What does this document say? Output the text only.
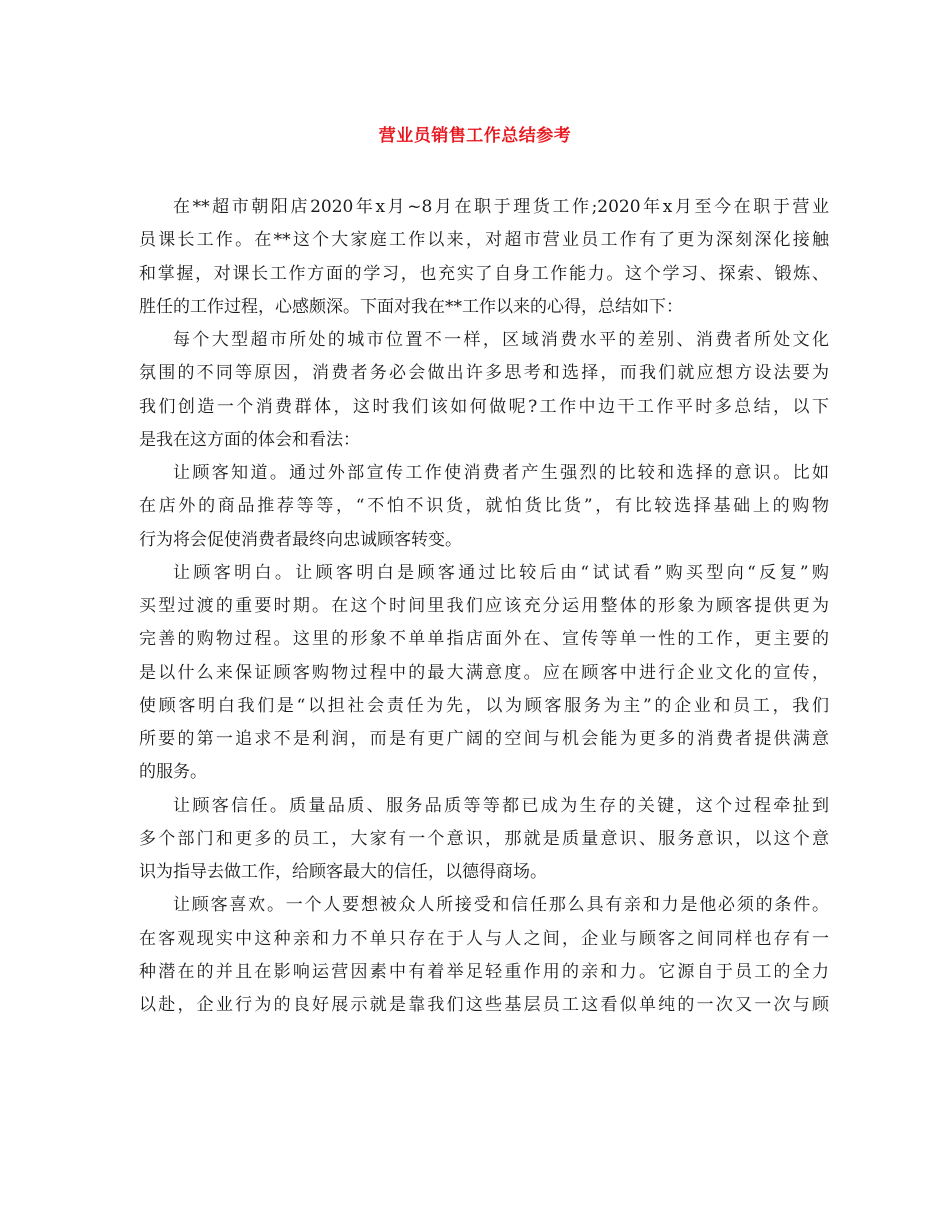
营业员销售工作总结参考
在**超市朝阳店2020年x月~8月在职于理货工作;2020年x月至今在职于营业
员课长工作。在**这个大家庭工作以来，对超市营业员工作有了更为深刻深化接触
和掌握，对课长工作方面的学习，也充实了自身工作能力。这个学习、探索、锻炼、
胜任的工作过程，心感颇深。下面对我在**工作以来的心得，总结如下：
每个大型超市所处的城市位置不一样，区域消费水平的差别、消费者所处文化
氛围的不同等原因，消费者务必会做出许多思考和选择，而我们就应想方设法要为
我们创造一个消费群体，这时我们该如何做呢?工作中边干工作平时多总结，以下
是我在这方面的体会和看法：
让顾客知道。通过外部宣传工作使消费者产生强烈的比较和选择的意识。比如
在店外的商品推荐等等，“不怕不识货，就怕货比货”，有比较选择基础上的购物
行为将会促使消费者最终向忠诚顾客转变。
让顾客明白。让顾客明白是顾客通过比较后由“试试看”购买型向“反复”购
买型过渡的重要时期。在这个时间里我们应该充分运用整体的形象为顾客提供更为
完善的购物过程。这里的形象不单单指店面外在、宣传等单一性的工作，更主要的
是以什么来保证顾客购物过程中的最大满意度。应在顾客中进行企业文化的宣传，
使顾客明白我们是“以担社会责任为先，以为顾客服务为主”的企业和员工，我们
所要的第一追求不是利润，而是有更广阔的空间与机会能为更多的消费者提供满意
的服务。
让顾客信任。质量品质、服务品质等等都已成为生存的关键，这个过程牵扯到
多个部门和更多的员工，大家有一个意识，那就是质量意识、服务意识，以这个意
识为指导去做工作，给顾客最大的信任，以德得商场。
让顾客喜欢。一个人要想被众人所接受和信任那么具有亲和力是他必须的条件。
在客观现实中这种亲和力不单只存在于人与人之间，企业与顾客之间同样也存有一
种潜在的并且在影响运营因素中有着举足轻重作用的亲和力。它源自于员工的全力
以赴，企业行为的良好展示就是靠我们这些基层员工这看似单纯的一次又一次与顾
